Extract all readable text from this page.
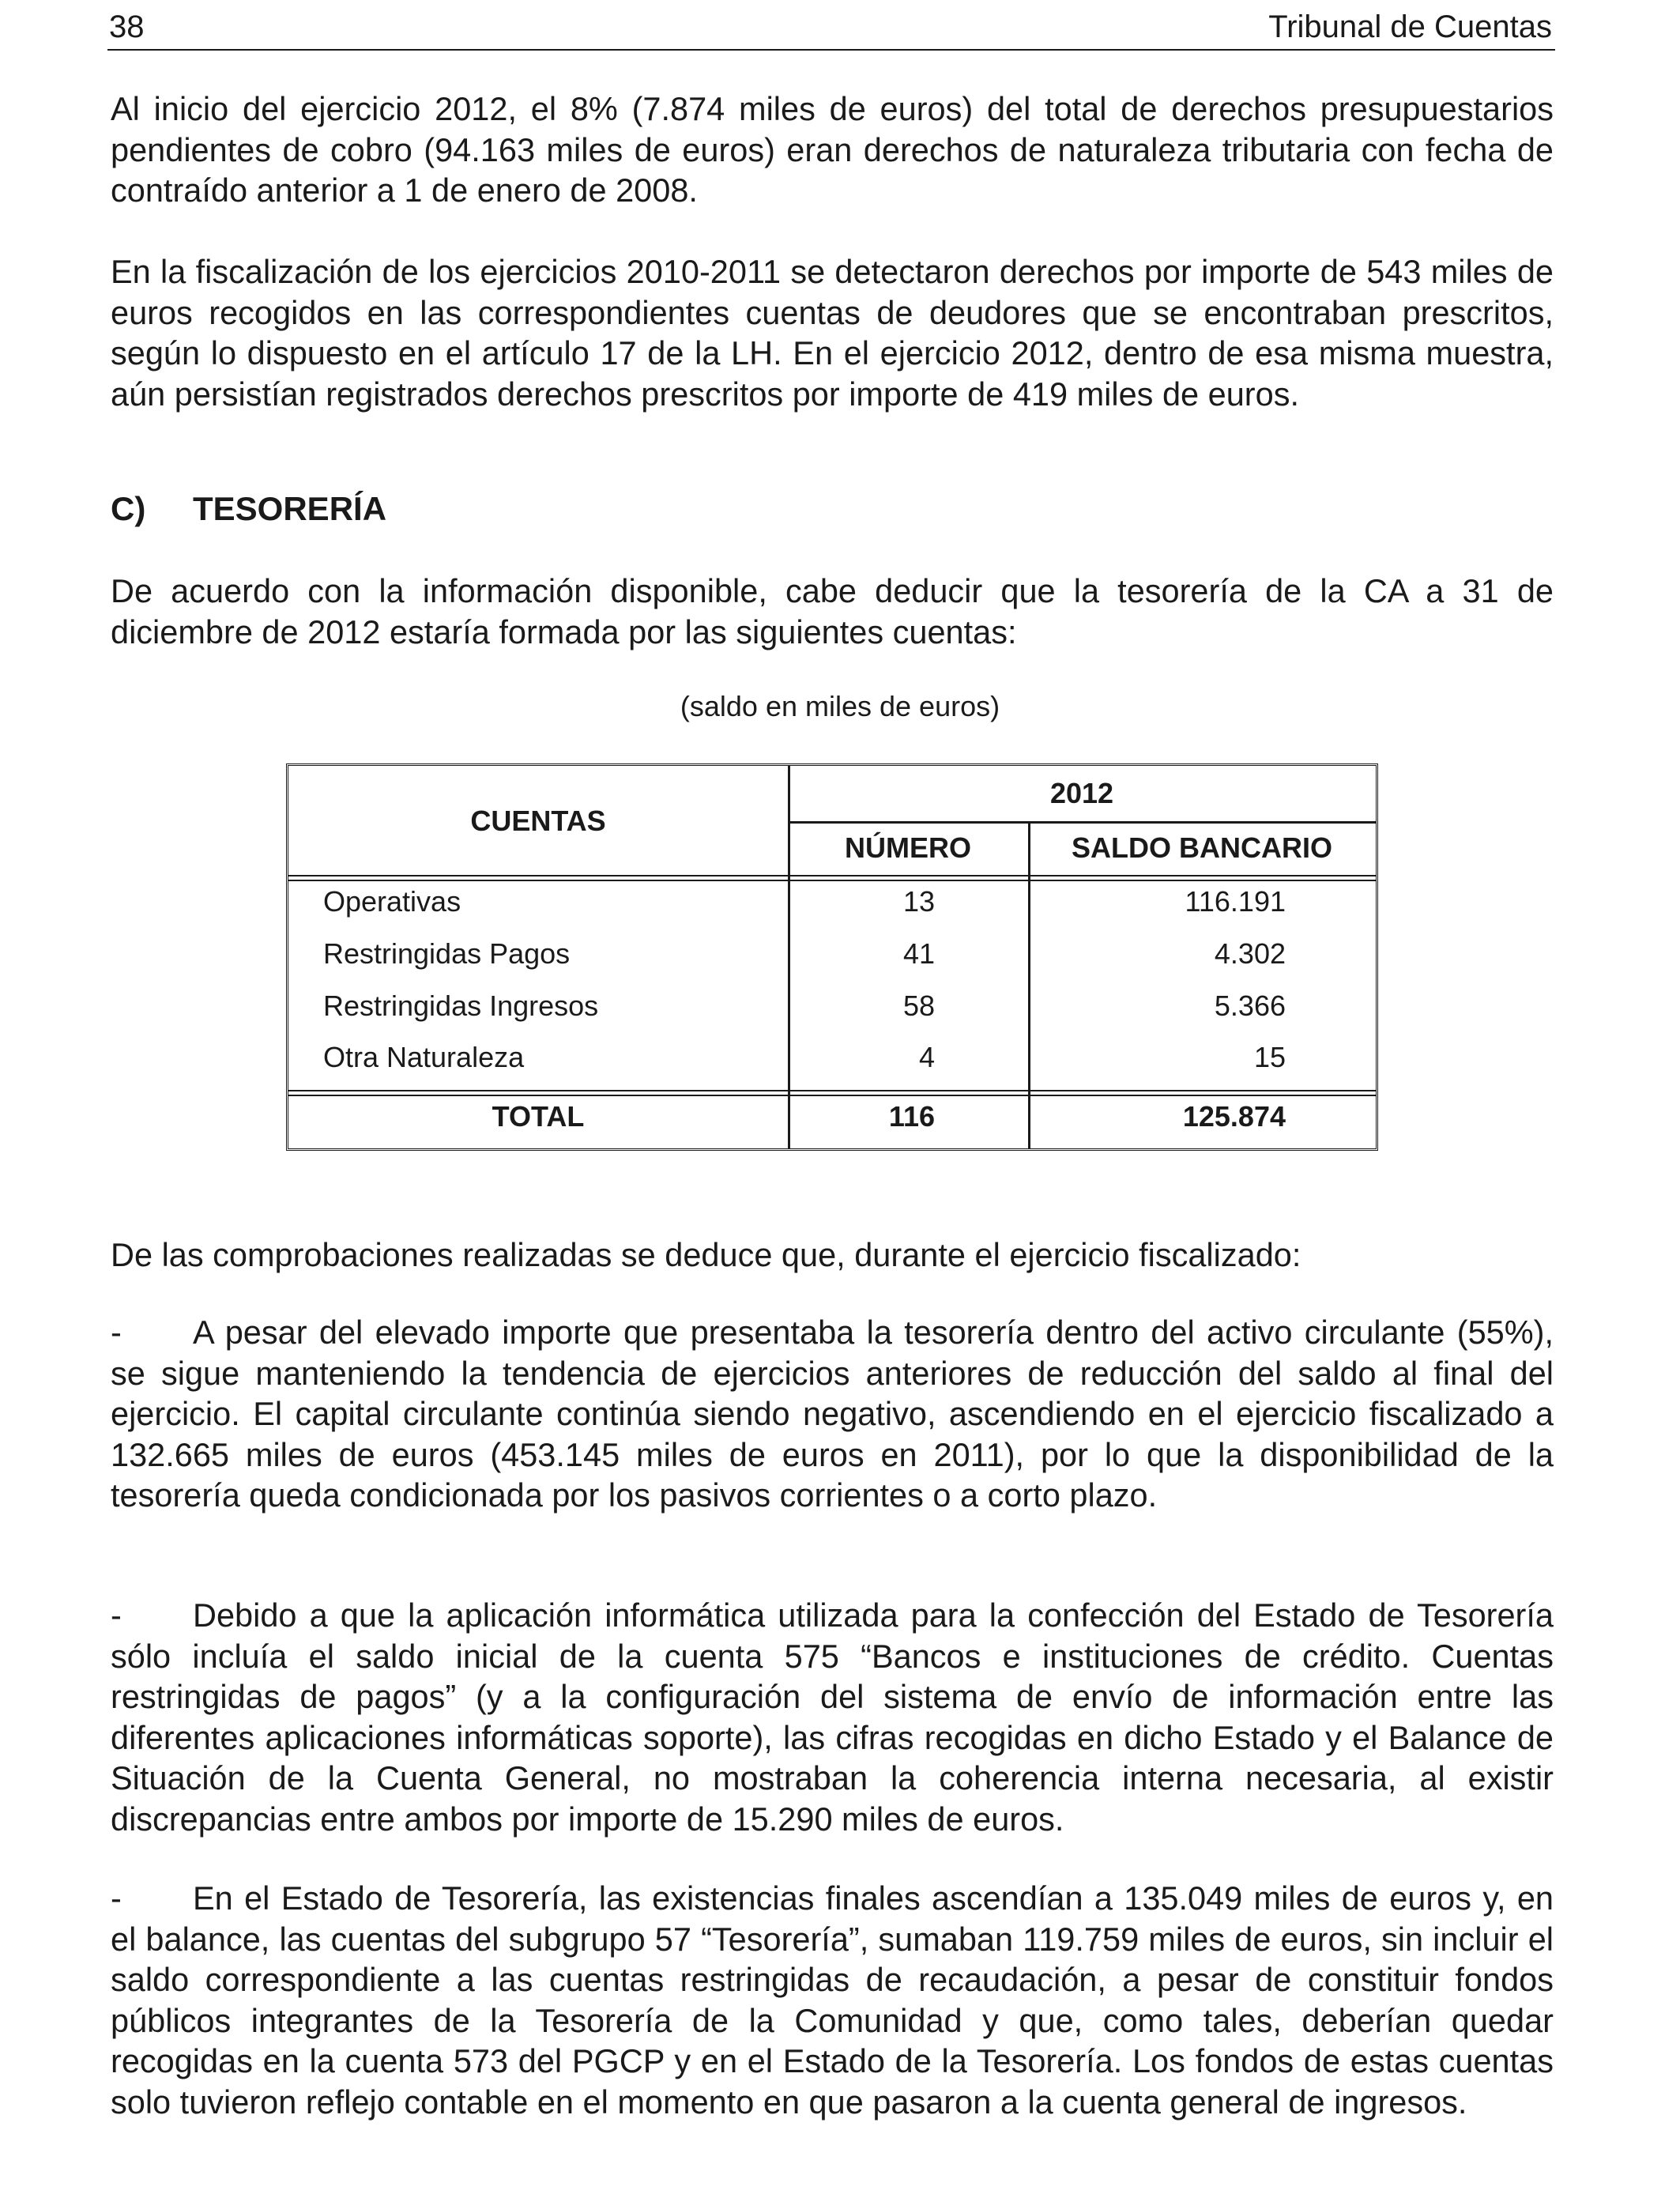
38	Tribunal de Cuentas

Al inicio del ejercicio 2012, el 8% (7.874 miles de euros) del total de derechos presupuestarios pendientes de cobro (94.163 miles de euros) eran derechos de naturaleza tributaria con fecha de contraído anterior a 1 de enero de 2008.

En la fiscalización de los ejercicios 2010-2011 se detectaron derechos por importe de 543 miles de euros recogidos en las correspondientes cuentas de deudores que se encontraban prescritos, según lo dispuesto en el artículo 17 de la LH. En el ejercicio 2012, dentro de esa misma muestra, aún persistían registrados derechos prescritos por importe de 419 miles de euros.

C) TESORERÍA

De acuerdo con la información disponible, cabe deducir que la tesorería de la CA a 31 de diciembre de 2012 estaría formada por las siguientes cuentas:

(saldo en miles de euros)
CUENTAS
2012
NÚMERO	SALDO BANCARIO
Operativas	13	116.191
Restringidas Pagos	41	4.302
Restringidas Ingresos	58	5.366
Otra Naturaleza	4	15
TOTAL	116	125.874

De las comprobaciones realizadas se deduce que, durante el ejercicio fiscalizado:

- A pesar del elevado importe que presentaba la tesorería dentro del activo circulante (55%), se sigue manteniendo la tendencia de ejercicios anteriores de reducción del saldo al final del ejercicio. El capital circulante continúa siendo negativo, ascendiendo en el ejercicio fiscalizado a 132.665 miles de euros (453.145 miles de euros en 2011), por lo que la disponibilidad de la tesorería queda condicionada por los pasivos corrientes o a corto plazo.

- Debido a que la aplicación informática utilizada para la confección del Estado de Tesorería sólo incluía el saldo inicial de la cuenta 575 “Bancos e instituciones de crédito. Cuentas restringidas de pagos” (y a la configuración del sistema de envío de información entre las diferentes aplicaciones informáticas soporte), las cifras recogidas en dicho Estado y el Balance de Situación de la Cuenta General, no mostraban la coherencia interna necesaria, al existir discrepancias entre ambos por importe de 15.290 miles de euros.

- En el Estado de Tesorería, las existencias finales ascendían a 135.049 miles de euros y, en el balance, las cuentas del subgrupo 57 “Tesorería”, sumaban 119.759 miles de euros, sin incluir el saldo correspondiente a las cuentas restringidas de recaudación, a pesar de constituir fondos públicos integrantes de la Tesorería de la Comunidad y que, como tales, deberían quedar recogidas en la cuenta 573 del PGCP y en el Estado de la Tesorería. Los fondos de estas cuentas solo tuvieron reflejo contable en el momento en que pasaron a la cuenta general de ingresos.
